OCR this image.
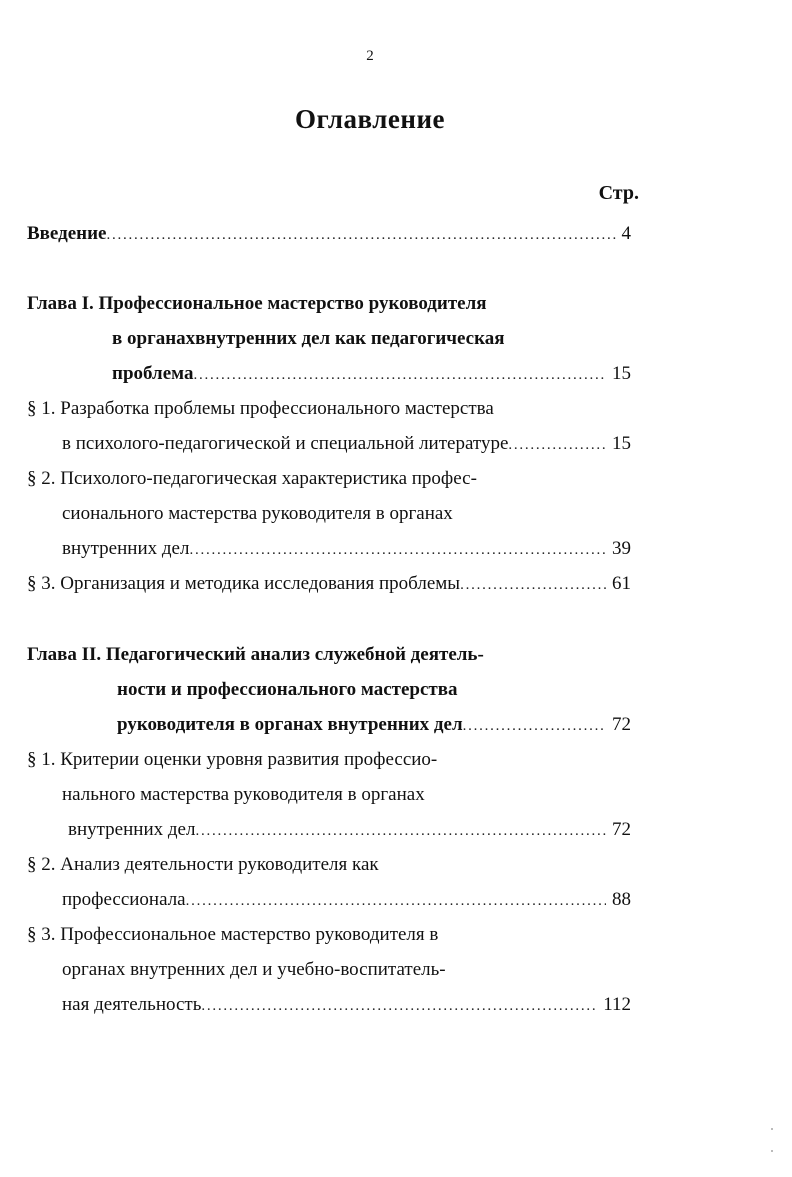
2
Оглавление
Стр.
Введение . . .	4
Глава I. Профессиональное мастерство руководителя
в органахвнутренних дел как педагогическая
проблема . . .	15
§ 1. Разработка проблемы профессионального мастерства
в психолого-педагогической и специальной литературе . . .	15
§ 2. Психолого-педагогическая характеристика профес-
сионального мастерства руководителя в органах
внутренних дел . . .	39
§ 3. Организация и методика исследования проблемы . . .	61
Глава II. Педагогический анализ служебной деятель-
ности и профессионального мастерства
руководителя в органах внутренних дел . . .	72
§ 1. Критерии оценки уровня развития профессио-
нального мастерства руководителя в органах
внутренних дел . . .	72
§ 2. Анализ деятельности руководителя как
профессионала . . .	88
§ 3. Профессиональное мастерство руководителя в
органах внутренних дел и учебно-воспитатель-
ная деятельность . . .	112
